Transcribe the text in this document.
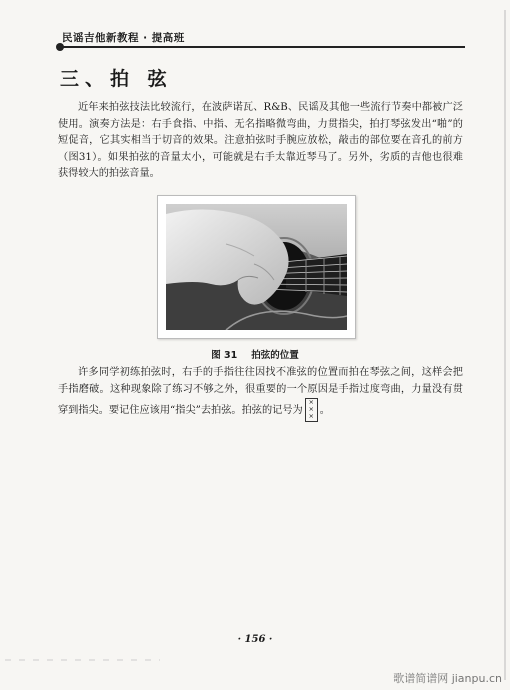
民谣吉他新教程 · 提高班
三、拍 弦

近年来拍弦技法比较流行，在波萨诺瓦、R&B、民谣及其他一些流行节奏中都被广泛使用。演奏方法是：右手食指、中指、无名指略微弯曲，力贯指尖，拍打琴弦发出“啪”的短促音，它其实相当于切音的效果。注意拍弦时手腕应放松，敲击的部位要在音孔的前方（图31）。如果拍弦的音量太小，可能就是右手太靠近琴马了。另外，劣质的吉他也很难获得较大的拍弦音量。

图 31 拍弦的位置

许多同学初练拍弦时，右手的手指往往因找不准弦的位置而拍在琴弦之间，这样会把手指磨破。这种现象除了练习不够之外，很重要的一个原因是手指过度弯曲，力量没有贯穿到指尖。要记住应该用“指尖”去拍弦。拍弦的记号为×
×
× 。

· 156 ·
歌谱简谱网 jianpu.cn
